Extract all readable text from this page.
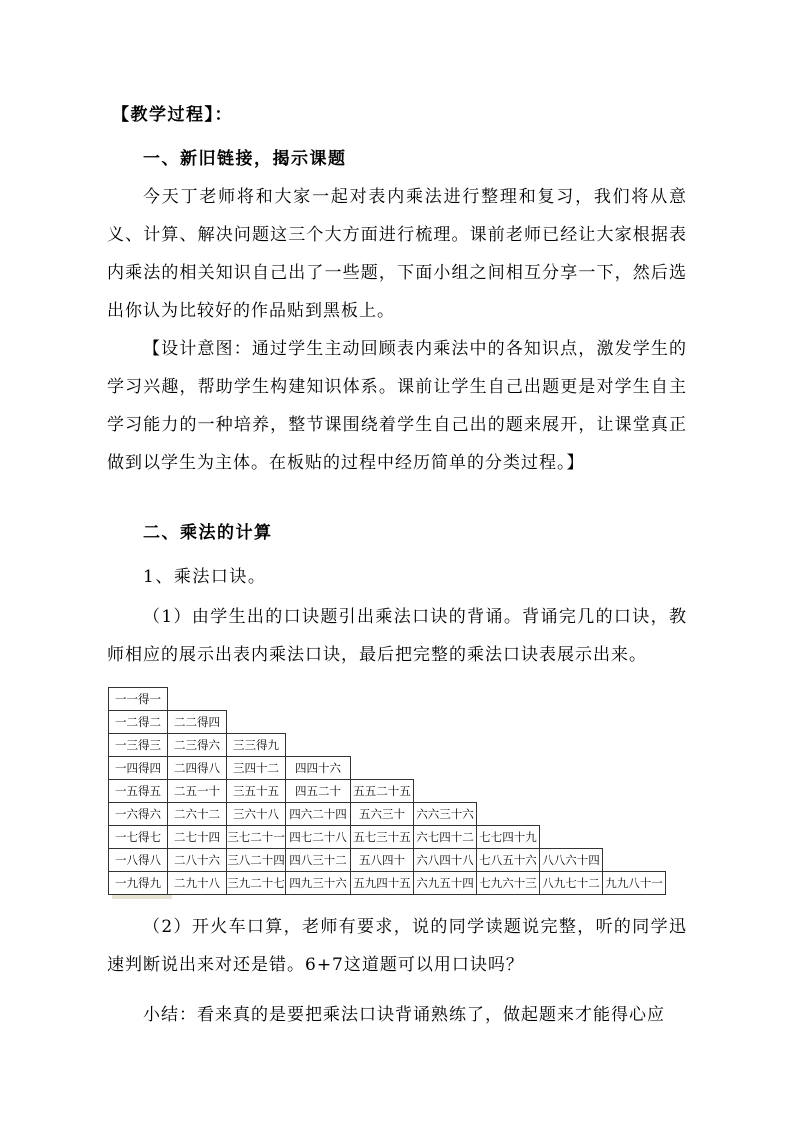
【教学过程】：
一、新旧链接，揭示课题
今天丁老师将和大家一起对表内乘法进行整理和复习，我们将从意义、计算、解决问题这三个大方面进行梳理。课前老师已经让大家根据表内乘法的相关知识自己出了一些题，下面小组之间相互分享一下，然后选出你认为比较好的作品贴到黑板上。
【设计意图：通过学生主动回顾表内乘法中的各知识点，激发学生的学习兴趣，帮助学生构建知识体系。课前让学生自己出题更是对学生自主学习能力的一种培养，整节课围绕着学生自己出的题来展开，让课堂真正做到以学生为主体。在板贴的过程中经历简单的分类过程。】
二、乘法的计算
1、乘法口诀。
（1）由学生出的口诀题引出乘法口诀的背诵。背诵完几的口诀，教师相应的展示出表内乘法口诀，最后把完整的乘法口诀表展示出来。
一一得一								
一二得二	二二得四							
一三得三	二三得六	三三得九						
一四得四	二四得八	三四十二	四四十六					
一五得五	二五一十	三五十五	四五二十	五五二十五				
一六得六	二六十二	三六十八	四六二十四	五六三十	六六三十六			
一七得七	二七十四	三七二十一	四七二十八	五七三十五	六七四十二	七七四十九		
一八得八	二八十六	三八二十四	四八三十二	五八四十	六八四十八	七八五十六	八八六十四	
一九得九	二九十八	三九二十七	四九三十六	五九四十五	六九五十四	七九六十三	八九七十二	九九八十一
（2）开火车口算，老师有要求，说的同学读题说完整，听的同学迅速判断说出来对还是错。6+7这道题可以用口诀吗？
小结：看来真的是要把乘法口诀背诵熟练了，做起题来才能得心应
